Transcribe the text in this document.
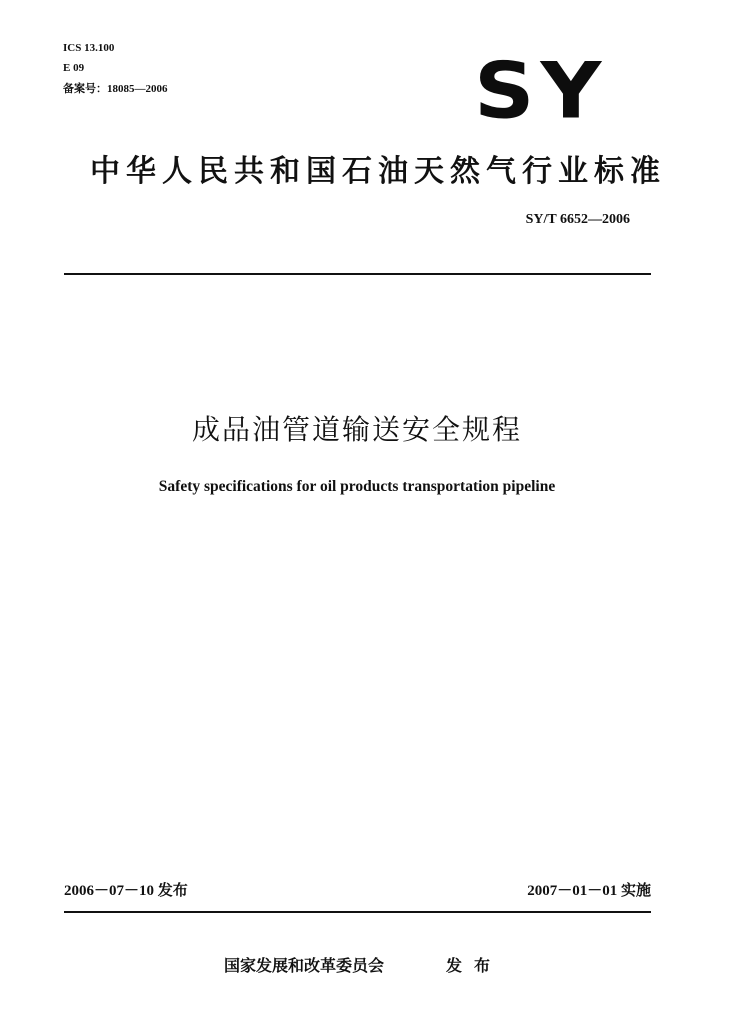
ICS 13.100
E 09
备案号：18085—2006	SY
中华人民共和国石油天然气行业标准
SY/T 6652—2006
成品油管道输送安全规程
Safety specifications for oil products transportation pipeline
2006－07－10 发布	2007－01－01 实施
国家发展和改革委员会	发布
